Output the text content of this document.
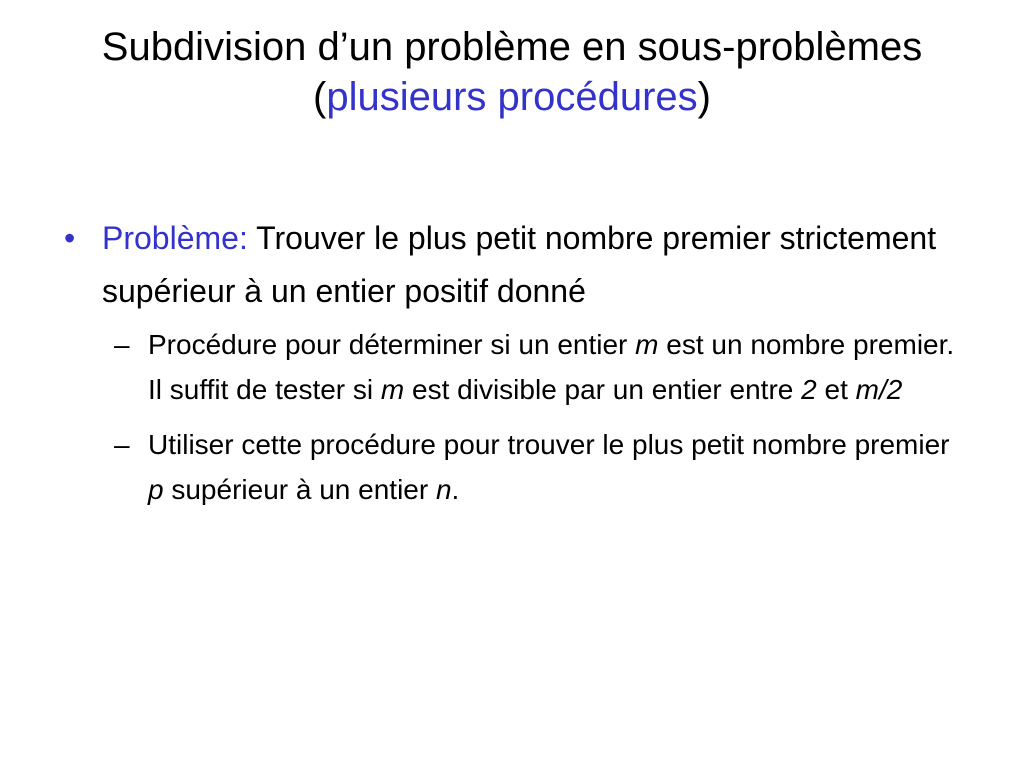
Subdivision d’un problème en sous-problèmes (plusieurs procédures)
• Problème: Trouver le plus petit nombre premier strictement supérieur à un entier positif donné
– Procédure pour déterminer si un entier m est un nombre premier. Il suffit de tester si m est divisible par un entier entre 2 et m/2
– Utiliser cette procédure pour trouver le plus petit nombre premier p supérieur à un entier n.
